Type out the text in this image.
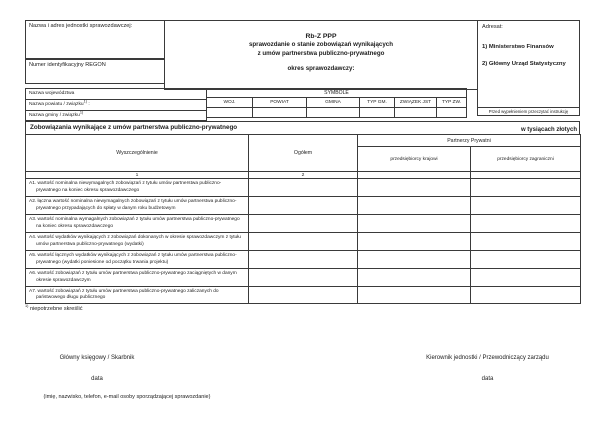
Nazwa i adres jednostki sprawozdawczej:
Numer identyfikacyjny REGON
Rb-Z PPP
sprawozdanie o stanie zobowiązań wynikających
z umów partnerstwa publiczno-prywatnego
okres sprawozdawczy:
Adresat:
1) Ministerstwo Finansów
2) Główny Urząd Statystyczny
Nazwa województwa
Nazwa powiatu / związku$^{1)}$ :
Nazwa gminy / związku$^{1)}$
SYMBOLE					
WOJ.	POWIAT	GMINA	TYP GM.	ZWIĄZEK JST	TYP ZW.

Przed wypełnieniem przeczytać instrukcję
Zobowiązania wynikające z umów partnerstwa publiczno-prywatnego	w tysiącach złotych
Wyszczególnienie	Ogółem	Partnerzy Prywatni	
		przedsiębiorcy krajowi	przedsiębiorcy zagraniczni
1	2		

A1. wartość nominalna niewymagalnych zobowiązań z tytułu umów partnerstwa publiczno-prywatnego na koniec okresu sprawozdawczego			

A2. łączna wartość nominalna niewymagalnych zobowiązań z tytułu umów partnerstwa publiczno-prywatnego przypadających do spłaty w danym roku budżetowym			

A3. wartość nominalna wymagalnych zobowiązań z tytułu umów partnerstwa publiczno-prywatnego na koniec okresu sprawozdawczego			

A4. wartość wydatków wynikających z zobowiązań dokonanych w okresie sprawozdawczym z tytułu umów partnerstwa publiczno-prywatnego (wydatki)			

A5. wartość łącznych wydatków wynikających z zobowiązań z tytułu umów partnerstwa publiczno-prywatnego (wydatki poniesione od początku trwania projektu)			

A6. wartość zobowiązań z tytułu umów partnerstwa publiczno-prywatnego zaciągniętych w danym okresie sprawozdawczym			

A7. wartość zobowiązań z tytułu umów partnerstwa publiczno-prywatnego zaliczanych do państwowego długu publicznego			

$^{1)}$ niepotrzebne skreślić
Główny księgowy / Skarbnik
data
(imię, nazwisko, telefon, e-mail osoby sporządzającej sprawozdanie)
Kierownik jednostki / Przewodniczący zarządu
data
